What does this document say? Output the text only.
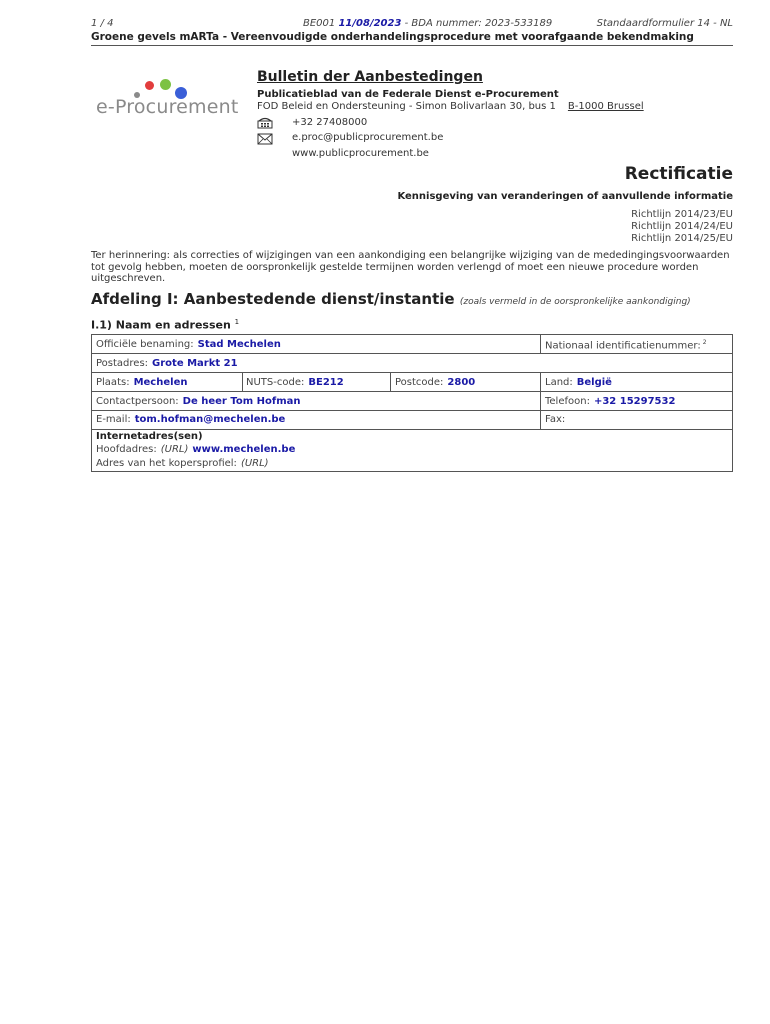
1 / 4	BE001 11/08/2023 - BDA nummer: 2023-533189	Standaardformulier 14 - NL
Groene gevels mARTa - Vereenvoudigde onderhandelingsprocedure met voorafgaande bekendmaking
e-Procurement
Bulletin der Aanbestedingen
Publicatieblad van de Federale Dienst e-Procurement
FOD Beleid en Ondersteuning - Simon Bolivarlaan 30, bus 1 B-1000 Brussel
+32 27408000
e.proc@publicprocurement.be
www.publicprocurement.be
Rectificatie
Kennisgeving van veranderingen of aanvullende informatie
Richtlijn 2014/23/EU
Richtlijn 2014/24/EU
Richtlijn 2014/25/EU
Ter herinnering: als correcties of wijzigingen van een aankondiging een belangrijke wijziging van de mededingingsvoorwaarden tot gevolg hebben, moeten de oorspronkelijk gestelde termijnen worden verlengd of moet een nieuwe procedure worden uitgeschreven.
Afdeling I: Aanbestedende dienst/instantie (zoals vermeld in de oorspronkelijke aankondiging)
I.1) Naam en adressen $^1$
Officiële benaming: Stad Mechelen	Nationaal identificatienummer: $^2$
Postadres: Grote Markt 21
Plaats: Mechelen	NUTS-code: BE212	Postcode: 2800	Land: België
Contactpersoon: De heer Tom Hofman	Telefoon: +32 15297532
E-mail: tom.hofman@mechelen.be	Fax:
Internetadres(sen)
Hoofdadres: (URL) www.mechelen.be
Adres van het kopersprofiel: (URL)
